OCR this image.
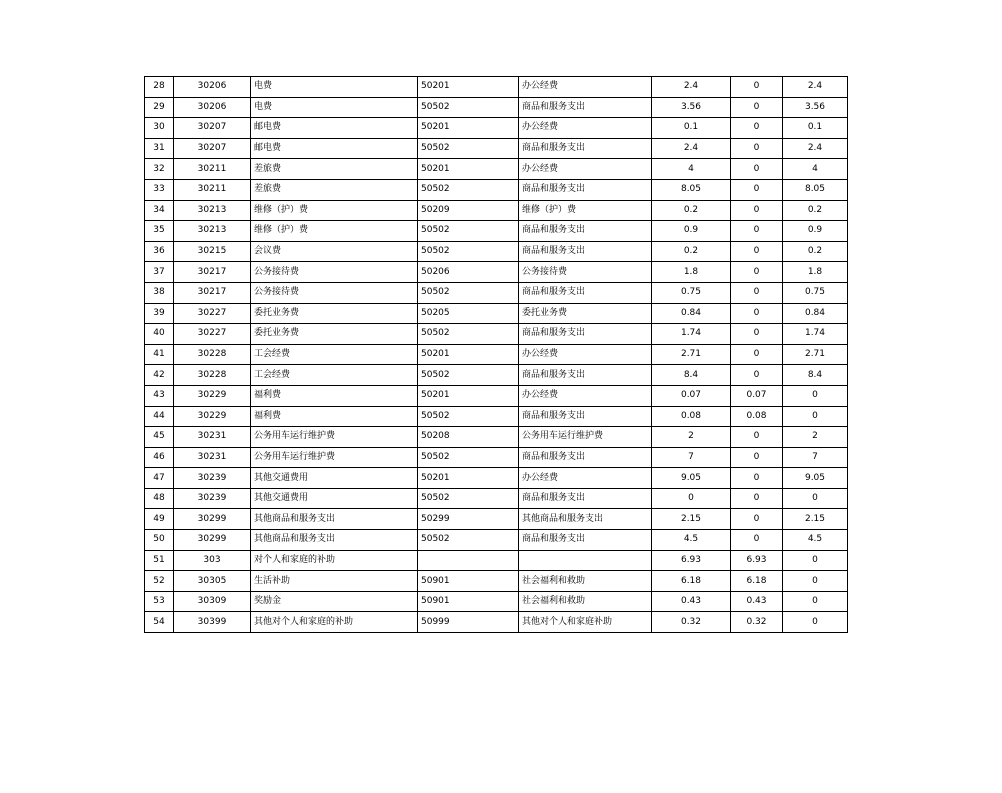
28	30206	电费	50201	办公经费	2.4	0	2.4	
29	30206	电费	50502	商品和服务支出	3.56	0	3.56	
30	30207	邮电费	50201	办公经费	0.1	0	0.1	
31	30207	邮电费	50502	商品和服务支出	2.4	0	2.4	
32	30211	差旅费	50201	办公经费	4	0	4	
33	30211	差旅费	50502	商品和服务支出	8.05	0	8.05	
34	30213	维修（护）费	50209	维修（护）费	0.2	0	0.2	
35	30213	维修（护）费	50502	商品和服务支出	0.9	0	0.9	
36	30215	会议费	50502	商品和服务支出	0.2	0	0.2	
37	30217	公务接待费	50206	公务接待费	1.8	0	1.8	
38	30217	公务接待费	50502	商品和服务支出	0.75	0	0.75	
39	30227	委托业务费	50205	委托业务费	0.84	0	0.84	
40	30227	委托业务费	50502	商品和服务支出	1.74	0	1.74	
41	30228	工会经费	50201	办公经费	2.71	0	2.71	
42	30228	工会经费	50502	商品和服务支出	8.4	0	8.4	
43	30229	福利费	50201	办公经费	0.07	0.07	0	
44	30229	福利费	50502	商品和服务支出	0.08	0.08	0	
45	30231	公务用车运行维护费	50208	公务用车运行维护费	2	0	2	
46	30231	公务用车运行维护费	50502	商品和服务支出	7	0	7	
47	30239	其他交通费用	50201	办公经费	9.05	0	9.05	
48	30239	其他交通费用	50502	商品和服务支出	0	0	0	
49	30299	其他商品和服务支出	50299	其他商品和服务支出	2.15	0	2.15	
50	30299	其他商品和服务支出	50502	商品和服务支出	4.5	0	4.5	
51	303	对个人和家庭的补助			6.93	6.93	0	
52	30305	生活补助	50901	社会福利和救助	6.18	6.18	0	
53	30309	奖励金	50901	社会福利和救助	0.43	0.43	0	
54	30399	其他对个人和家庭的补助	50999	其他对个人和家庭补助	0.32	0.32	0	
